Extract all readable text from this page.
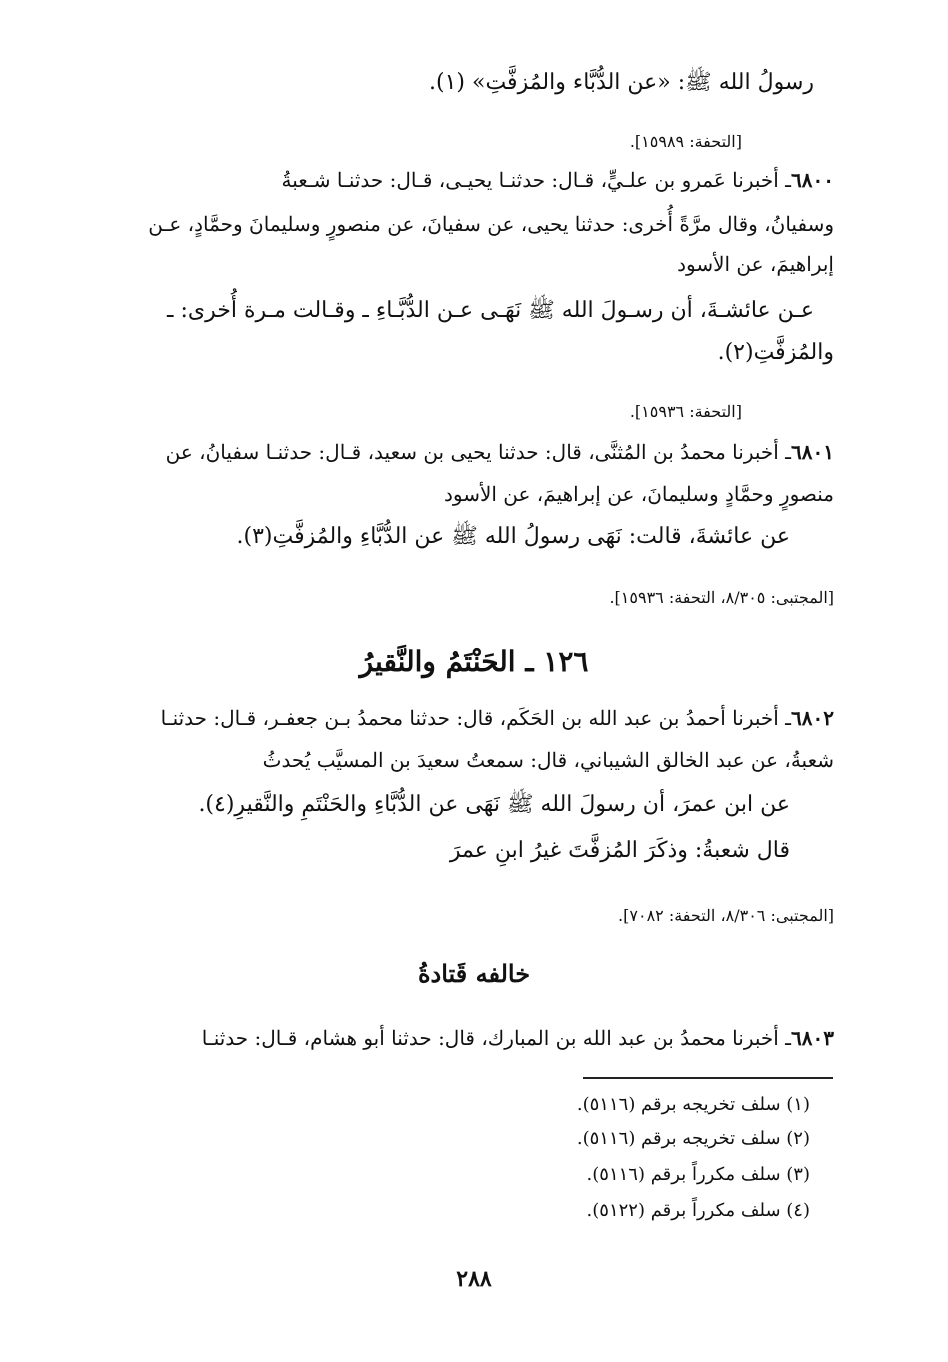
رسولُ الله ﷺ: «عن الدُّبَّاء والمُزفَّتِ» (١).
[التحفة: ١٥٩٨٩].
٦٨٠٠ـ أخبرنا عَمرو بن علـيٍّ، قـال: حدثنـا يحيـى، قـال: حدثنـا شـعبةُ
وسفيانُ، وقال مرَّةً أُخرى: حدثنا يحيى، عن سفيانَ، عن منصورٍ وسليمانَ وحمَّادٍ، عـن
إبراهيمَ، عن الأسود
عـن عائشـةَ، أن رسـولَ الله ﷺ نَهَـى عـن الدُّبَّـاءِ ـ وقـالت مـرة أُخرى: ـ
والمُزفَّتِ(٢).
[التحفة: ١٥٩٣٦].
٦٨٠١ـ أخبرنا محمدُ بن المُثنَّى، قال: حدثنا يحيى بن سعيد، قـال: حدثنـا سفيانُ، عن
منصورٍ وحمَّادٍ وسليمانَ، عن إبراهيمَ، عن الأسود
عن عائشةَ، قالت: نَهَى رسولُ الله ﷺ عن الدُّبَّاءِ والمُزفَّتِ(٣).
[المجتبى: ٨/٣٠٥، التحفة: ١٥٩٣٦].
١٢٦ ـ الحَنْتَمُ والنَّقيرُ
٦٨٠٢ـ أخبرنا أحمدُ بن عبد الله بن الحَكَم، قال: حدثنا محمدُ بـن جعفـر، قـال: حدثنـا
شعبةُ، عن عبد الخالق الشيباني، قال: سمعتُ سعيدَ بن المسيَّب يُحدثُ
عن ابن عمرَ، أن رسولَ الله ﷺ نَهَى عن الدُّبَّاءِ والحَنْتَمِ والنَّقيرِ(٤).
قال شعبةُ: وذكَرَ المُزفَّتَ غيرُ ابنِ عمرَ
[المجتبى: ٨/٣٠٦، التحفة: ٧٠٨٢].
خالفه قَتادةُ
٦٨٠٣ـ أخبرنا محمدُ بن عبد الله بن المبارك، قال: حدثنا أبو هشام، قـال: حدثنـا
(١) سلف تخريجه برقم (٥١١٦).
(٢) سلف تخريجه برقم (٥١١٦).
(٣) سلف مكرراً برقم (٥١١٦).
(٤) سلف مكرراً برقم (٥١٢٢).
٢٨٨
